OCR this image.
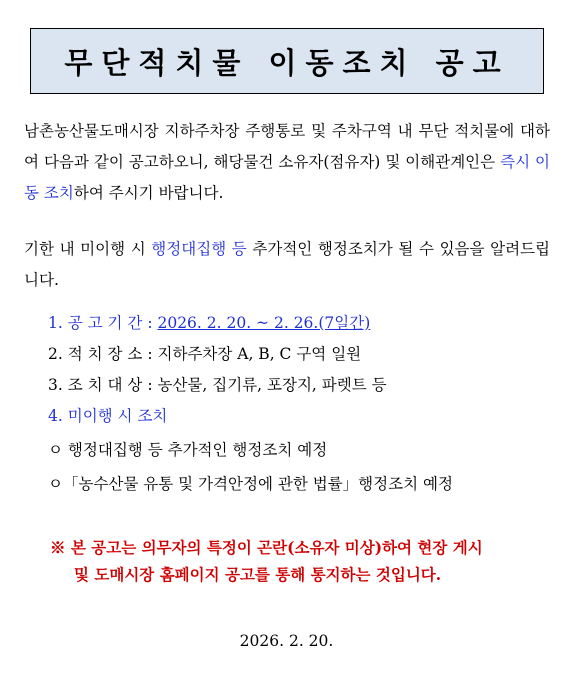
무단적치물 이동조치 공고
남촌농산물도매시장 지하주차장 주행통로 및 주차구역 내 무단 적치물에 대하여 다음과 같이 공고하오니, 해당물건 소유자(점유자) 및 이해관계인은 즉시 이동 조치하여 주시기 바랍니다.
기한 내 미이행 시 행정대집행 등 추가적인 행정조치가 될 수 있음을 알려드립니다.
1. 공 고 기 간 : 2026. 2. 20. ~ 2. 26.(7일간)
2. 적 치 장 소 : 지하주차장 A, B, C 구역 일원
3. 조 치 대 상 : 농산물, 집기류, 포장지, 파렛트 등
4. 미이행 시 조치
ㅇ 행정대집행 등 추가적인 행정조치 예정
ㅇ「농수산물 유통 및 가격안정에 관한 법률」행정조치 예정
※ 본 공고는 의무자의 특정이 곤란(소유자 미상)하여 현장 게시
및 도매시장 홈페이지 공고를 통해 통지하는 것입니다.
2026. 2. 20.
